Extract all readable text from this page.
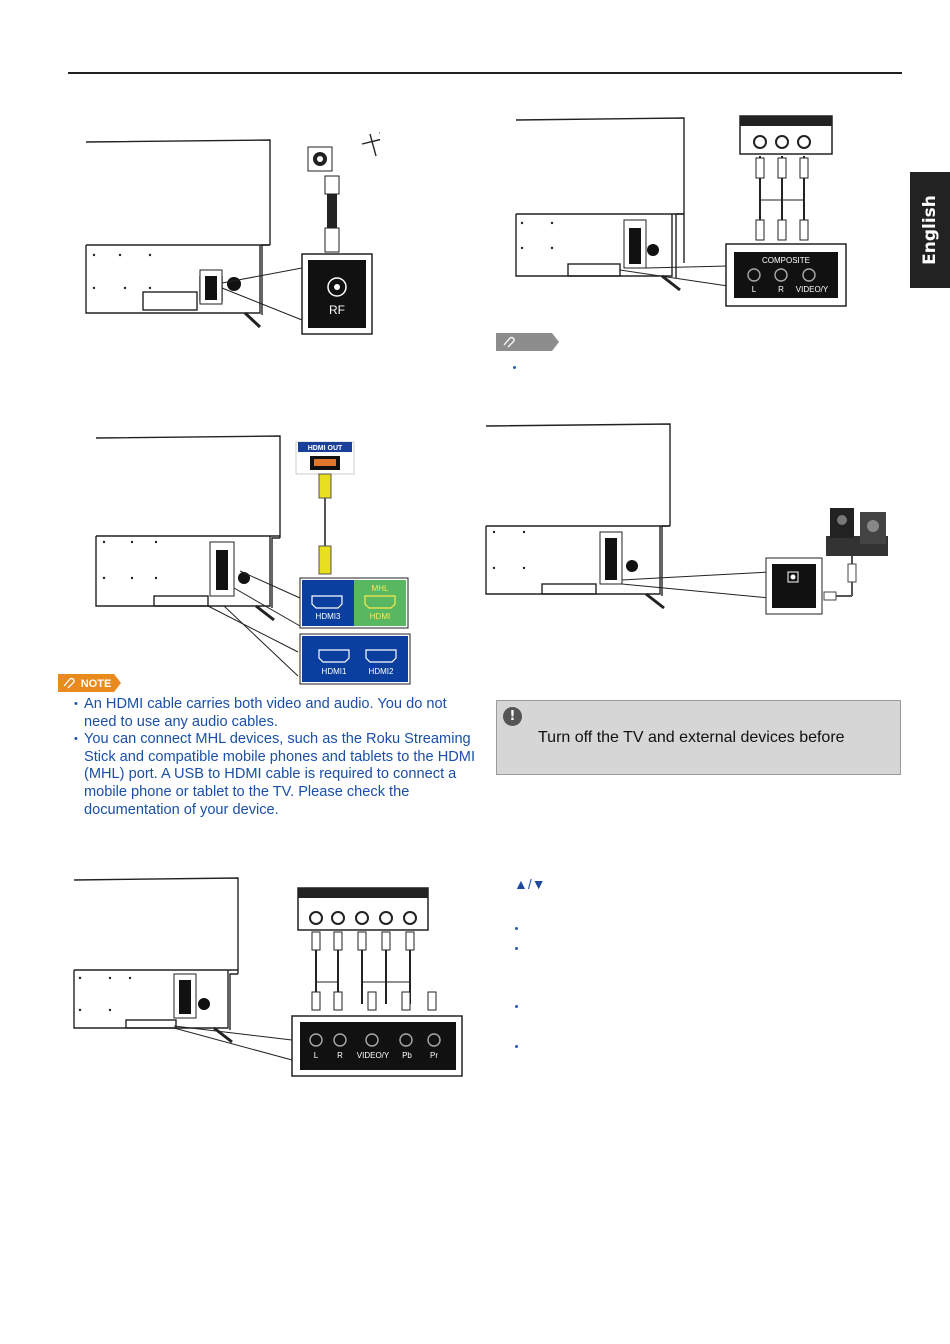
English
RF
COMPOSITE
L	R VIDEO/Y
HDMI OUT
MHL
HDMI3	HDMI
HDMI1	HDMI2
NOTE
• An HDMI cable carries both video and audio. You do not need to use any audio cables.
• You can connect MHL devices, such as the Roku Streaming Stick and compatible mobile phones and tablets to the HDMI (MHL) port. A USB to HDMI cable is required to connect a mobile phone or tablet to the TV. Please check the documentation of your device.
!
Turn off the TV and external devices before
L R VIDEO/Y Pb Pr
▲/▼
